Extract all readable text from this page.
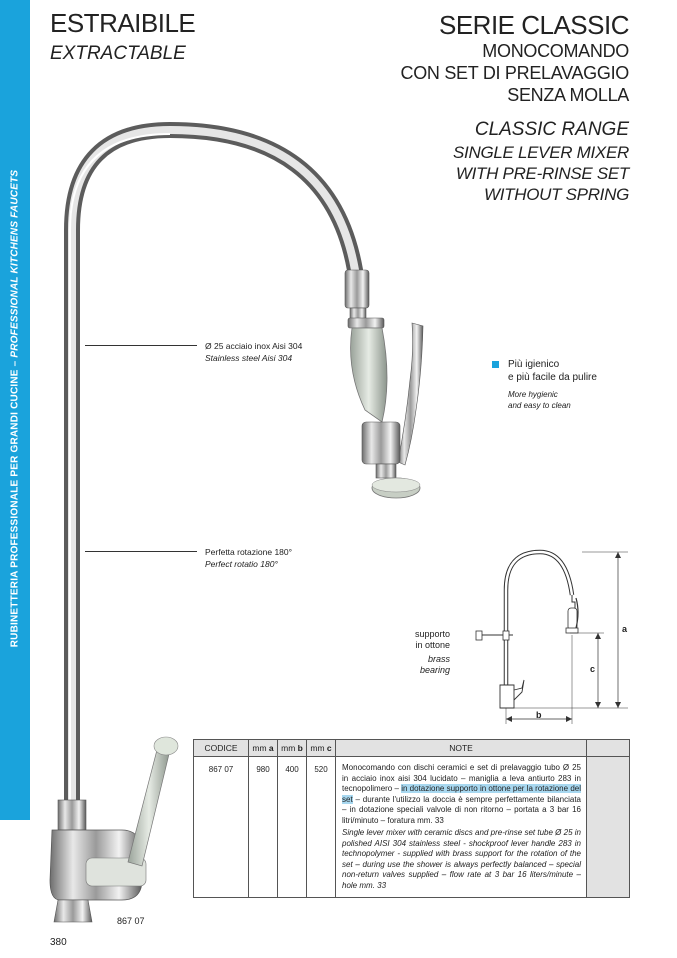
RUBINETTERIA PROFESSIONALE PER GRANDI CUCINE – PROFESSIONAL KITCHENS FAUCETS
ESTRAIBILE
EXTRACTABLE
SERIE CLASSIC
MONOCOMANDO
CON SET DI PRELAVAGGIO
SENZA MOLLA
CLASSIC RANGE
SINGLE LEVER MIXER
WITH PRE-RINSE SET
WITHOUT SPRING
Ø 25 acciaio inox Aisi 304
Stainless steel Aisi 304
Perfetta rotazione 180°
Perfect rotatio 180°
Più igienico
e più facile da pulire
More hygienic
and easy to clean
a
c
b
supporto
in ottone
brass
bearing
CODICE	mm a	mm b	mm c	NOTE	
867 07	980	400	520	Monocomando con dischi ceramici e set di prelavaggio tubo Ø 25 in acciaio inox aisi 304 lucidato – maniglia a leva antiurto 283 in tecnopolimero – in dotazione supporto in ottone per la rotazione del set – durante l'utilizzo la doccia è sempre perfettamente bilanciata – in dotazione speciali valvole di non ritorno – portata a 3 bar 16 litri/minuto – foratura mm. 33
Single lever mixer with ceramic discs and pre-rinse set tube Ø 25 in polished AISI 304 stainless steel - shockproof lever handle 283 in technopolymer - supplied with brass support for the rotation of the set – during use the shower is always perfectly balanced – special non-return valves supplied – flow rate at 3 bar 16 liters/minute – hole mm. 33	

867 07
380
